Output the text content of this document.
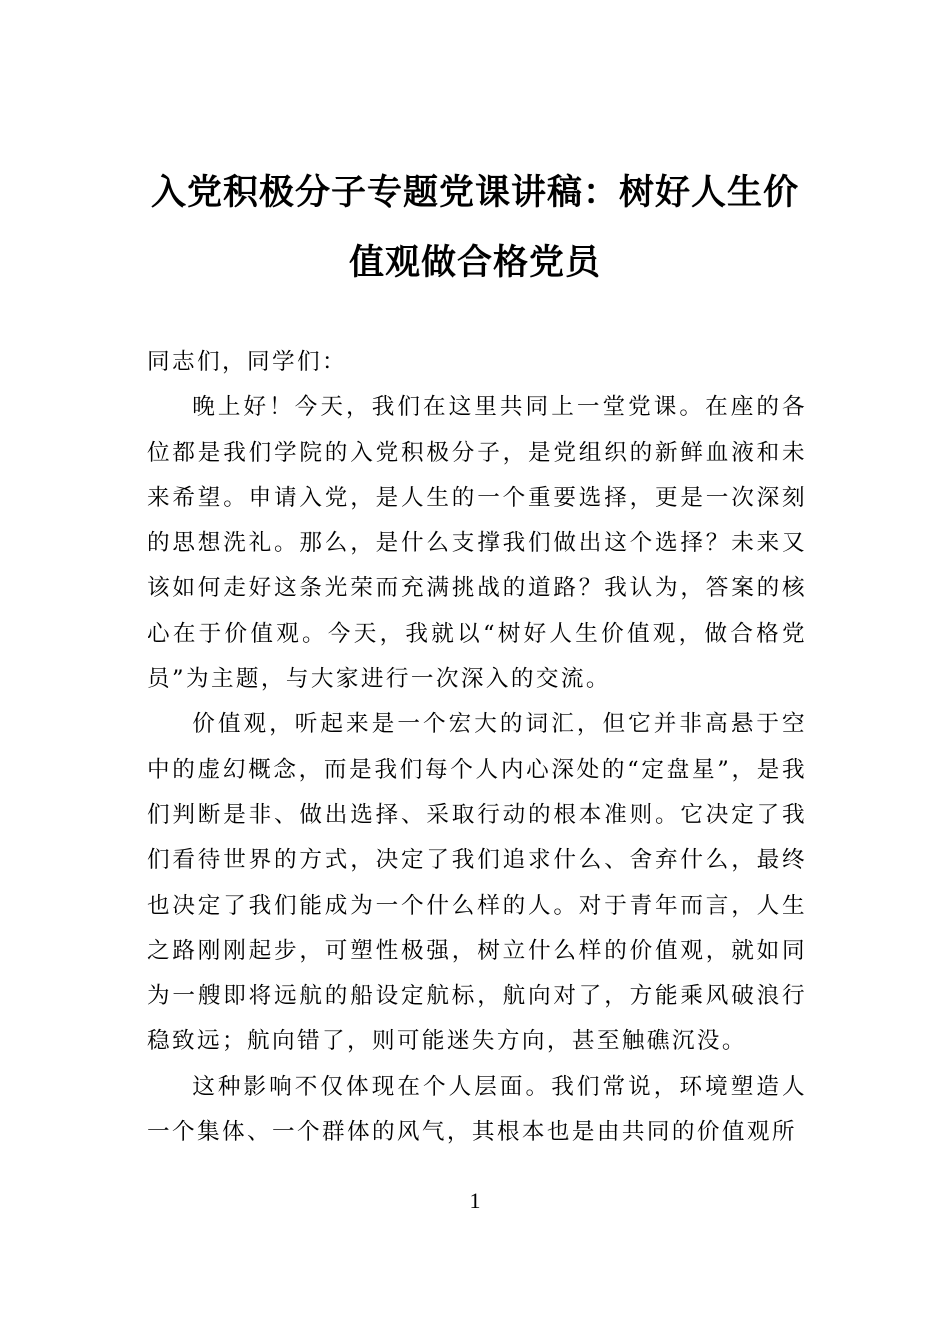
入党积极分子专题党课讲稿：树好人生价
值观做合格党员

同志们，同学们：

晚上好！今天，我们在这里共同上一堂党课。在座的各位都是我们学院的入党积极分子，是党组织的新鲜血液和未来希望。申请入党，是人生的一个重要选择，更是一次深刻的思想洗礼。那么，是什么支撑我们做出这个选择？未来又该如何走好这条光荣而充满挑战的道路？我认为，答案的核心在于价值观。今天，我就以“树好人生价值观，做合格党员”为主题，与大家进行一次深入的交流。

价值观，听起来是一个宏大的词汇，但它并非高悬于空中的虚幻概念，而是我们每个人内心深处的“定盘星”，是我们判断是非、做出选择、采取行动的根本准则。它决定了我们看待世界的方式，决定了我们追求什么、舍弃什么，最终也决定了我们能成为一个什么样的人。对于青年而言，人生之路刚刚起步，可塑性极强，树立什么样的价值观，就如同为一艘即将远航的船设定航标，航向对了，方能乘风破浪行稳致远；航向错了，则可能迷失方向，甚至触礁沉没。

这种影响不仅体现在个人层面。我们常说，环境塑造人一个集体、一个群体的风气，其根本也是由共同的价值观所

1
